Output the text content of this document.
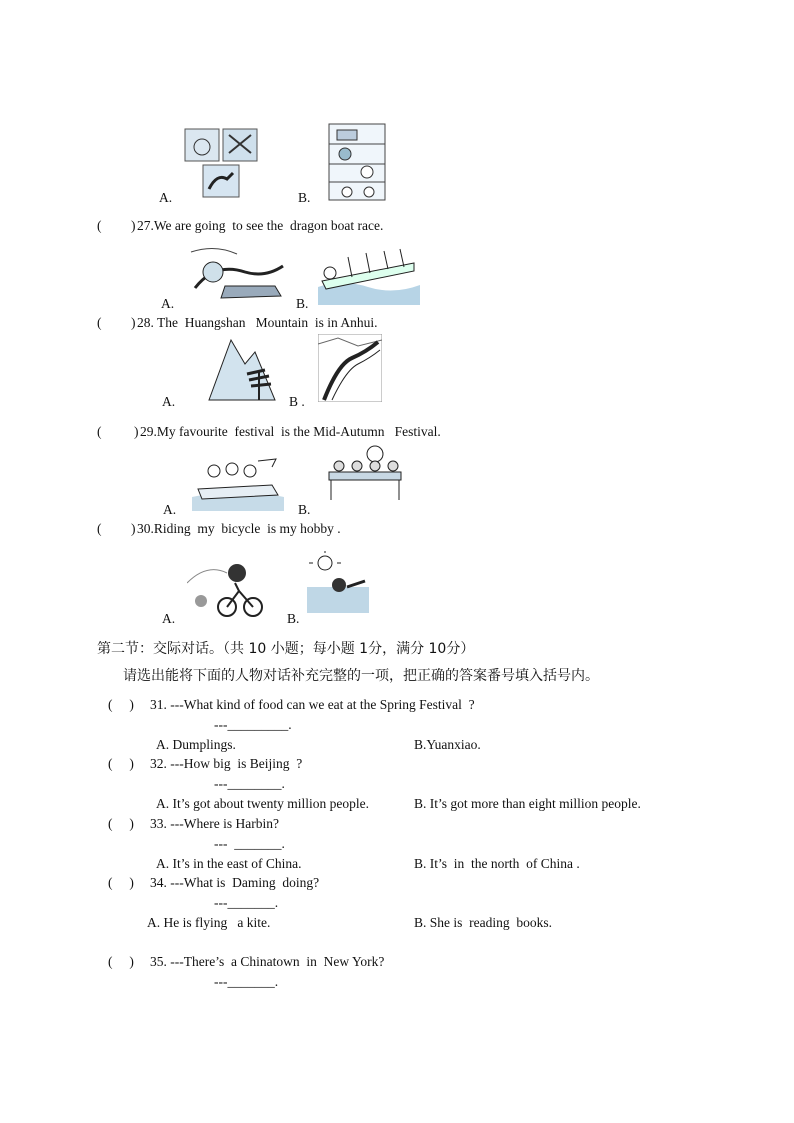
A.	B.
( ) 27.We are going  to see the  dragon boat race.
A.	B.
( ) 28. The  Huangshan   Mountain  is in Anhui.
A.	B .
( ) 29.My favourite  festival  is the Mid-Autumn   Festival.
A.	B.
( ) 30.Riding  my  bicycle  is my hobby .
A.	B.
第二节：交际对话。（共 10 小题；每小题 1分，满分 10分）
请选出能将下面的人物对话补充完整的一项，把正确的答案番号填入括号内。
(     ) 31. ---What kind of food can we eat at the Spring Festival  ?
---_________.
A. Dumplings.	B.Yuanxiao.
(     ) 32. ---How big  is Beijing  ?
---________.
A. It’s got about twenty million people.	B. It’s got more than eight million people.
(     ) 33. ---Where is Harbin?
---  _______.
A. It’s in the east of China.	B. It’s  in  the north  of China .
(     ) 34. ---What is  Daming  doing?
---_______.
A. He is flying   a kite.	B. She is  reading  books.
(     ) 35. ---There’s  a Chinatown  in  New York?
---_______.
